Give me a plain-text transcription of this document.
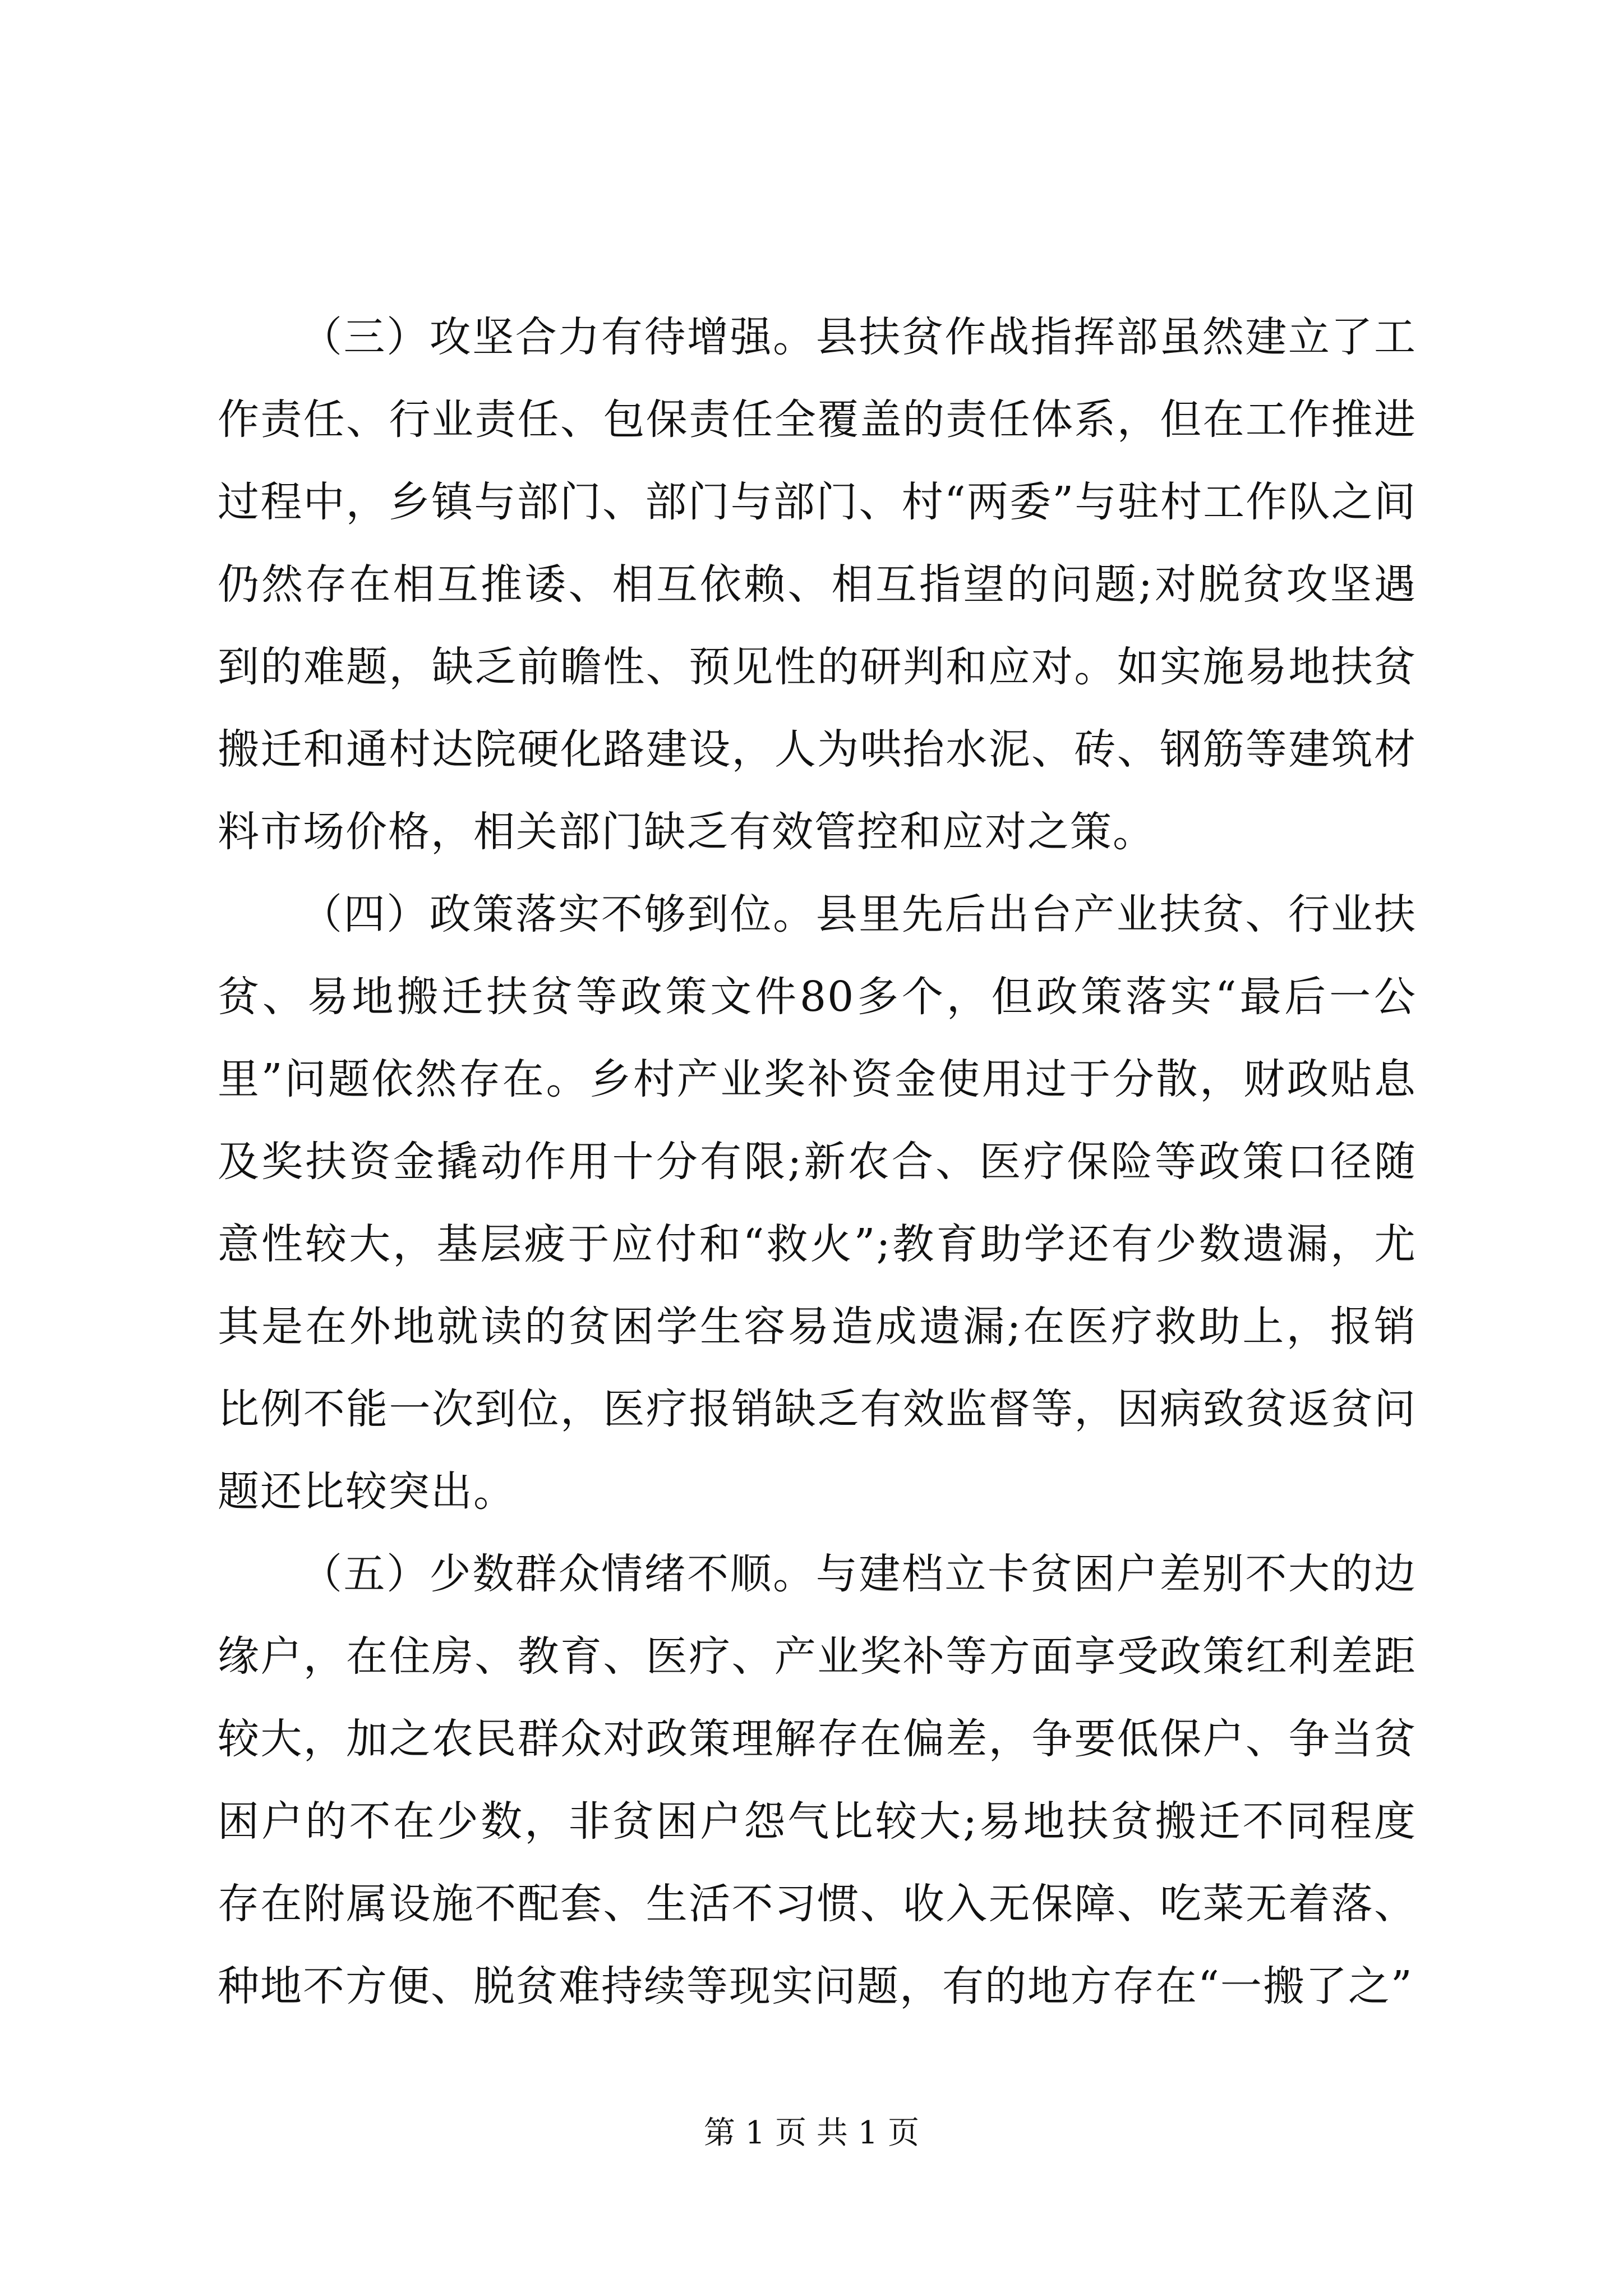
（三）攻坚合力有待增强。县扶贫作战指挥部虽然建立了工作责任、行业责任、包保责任全覆盖的责任体系，但在工作推进过程中，乡镇与部门、部门与部门、村“两委”与驻村工作队之间仍然存在相互推诿、相互依赖、相互指望的问题;对脱贫攻坚遇到的难题，缺乏前瞻性、预见性的研判和应对。如实施易地扶贫搬迁和通村达院硬化路建设，人为哄抬水泥、砖、钢筋等建筑材料市场价格，相关部门缺乏有效管控和应对之策。

（四）政策落实不够到位。县里先后出台产业扶贫、行业扶贫、易地搬迁扶贫等政策文件80多个，但政策落实“最后一公里”问题依然存在。乡村产业奖补资金使用过于分散，财政贴息及奖扶资金撬动作用十分有限;新农合、医疗保险等政策口径随意性较大，基层疲于应付和“救火”;教育助学还有少数遗漏，尤其是在外地就读的贫困学生容易造成遗漏;在医疗救助上，报销比例不能一次到位，医疗报销缺乏有效监督等，因病致贫返贫问题还比较突出。

（五）少数群众情绪不顺。与建档立卡贫困户差别不大的边缘户，在住房、教育、医疗、产业奖补等方面享受政策红利差距较大，加之农民群众对政策理解存在偏差，争要低保户、争当贫困户的不在少数，非贫困户怨气比较大;易地扶贫搬迁不同程度存在附属设施不配套、生活不习惯、收入无保障、吃菜无着落、种地不方便、脱贫难持续等现实问题，有的地方存在“一搬了之”

第 1 页 共 1 页
